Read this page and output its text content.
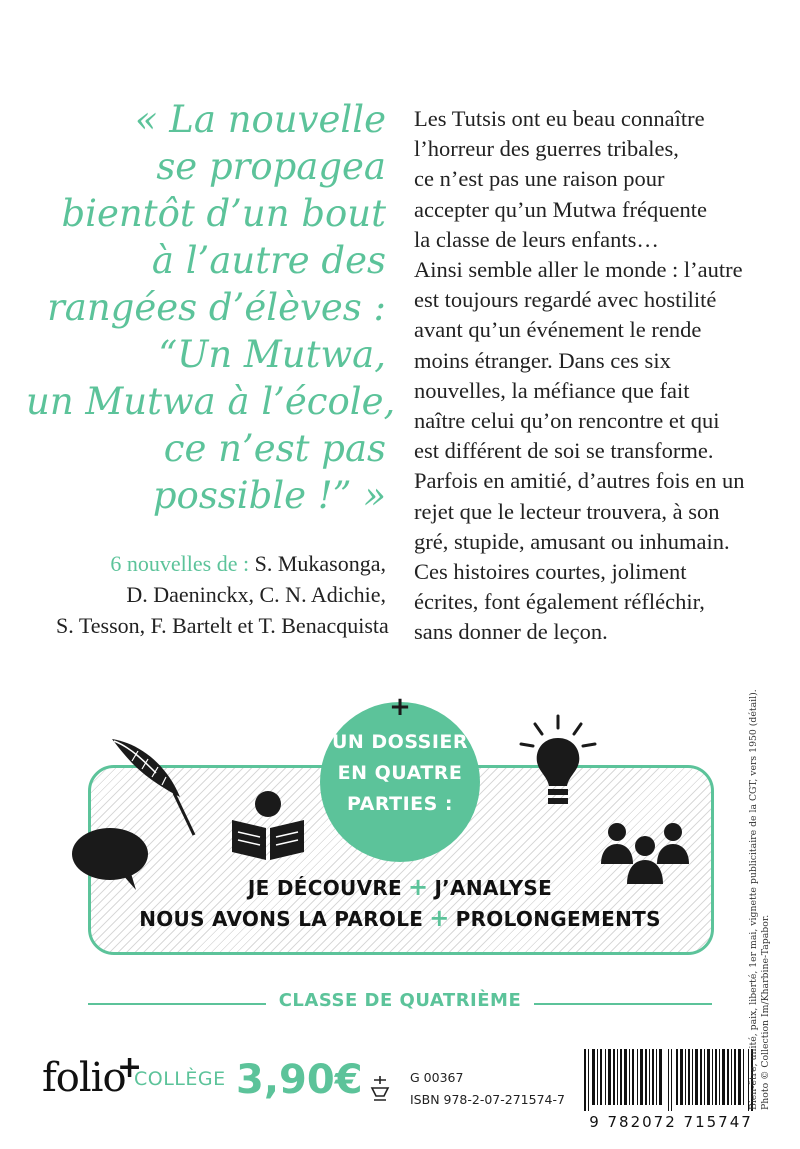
« La nouvelle
se propagea
bientôt d’un bout
à l’autre des
rangées d’élèves :
“Un Mutwa,
un Mutwa à l’école,
ce n’est pas
possible !” »
6 nouvelles de : S. Mukasonga,
D. Daeninckx, C. N. Adichie,
S. Tesson, F. Bartelt et T. Benacquista
Les Tutsis ont eu beau connaître
l’horreur des guerres tribales,
ce n’est pas une raison pour
accepter qu’un Mutwa fréquente
la classe de leurs enfants…
Ainsi semble aller le monde : l’autre
est toujours regardé avec hostilité
avant qu’un événement le rende
moins étranger. Dans ces six
nouvelles, la méfiance que fait
naître celui qu’on rencontre et qui
est différent de soi se transforme.
Parfois en amitié, d’autres fois en un
rejet que le lecteur trouvera, à son
gré, stupide, amusant ou inhumain.
Ces histoires courtes, joliment
écrites, font également réfléchir,
sans donner de leçon.
+
UN DOSSIER
EN QUATRE
PARTIES :
JE DÉCOUVRE + J’ANALYSE
NOUS AVONS LA PAROLE + PROLONGEMENTS
CLASSE DE QUATRIÈME
folio
+
COLLÈGE 3,90€	G 00367
ISBN 978-2-07-271574-7
9 782072 715747
Bien-être, unité, paix, liberté, 1er mai, vignette publicitaire de la CGT, vers 1950 (détail). Photo © Collection Im/Kharbine-Tapabor.
